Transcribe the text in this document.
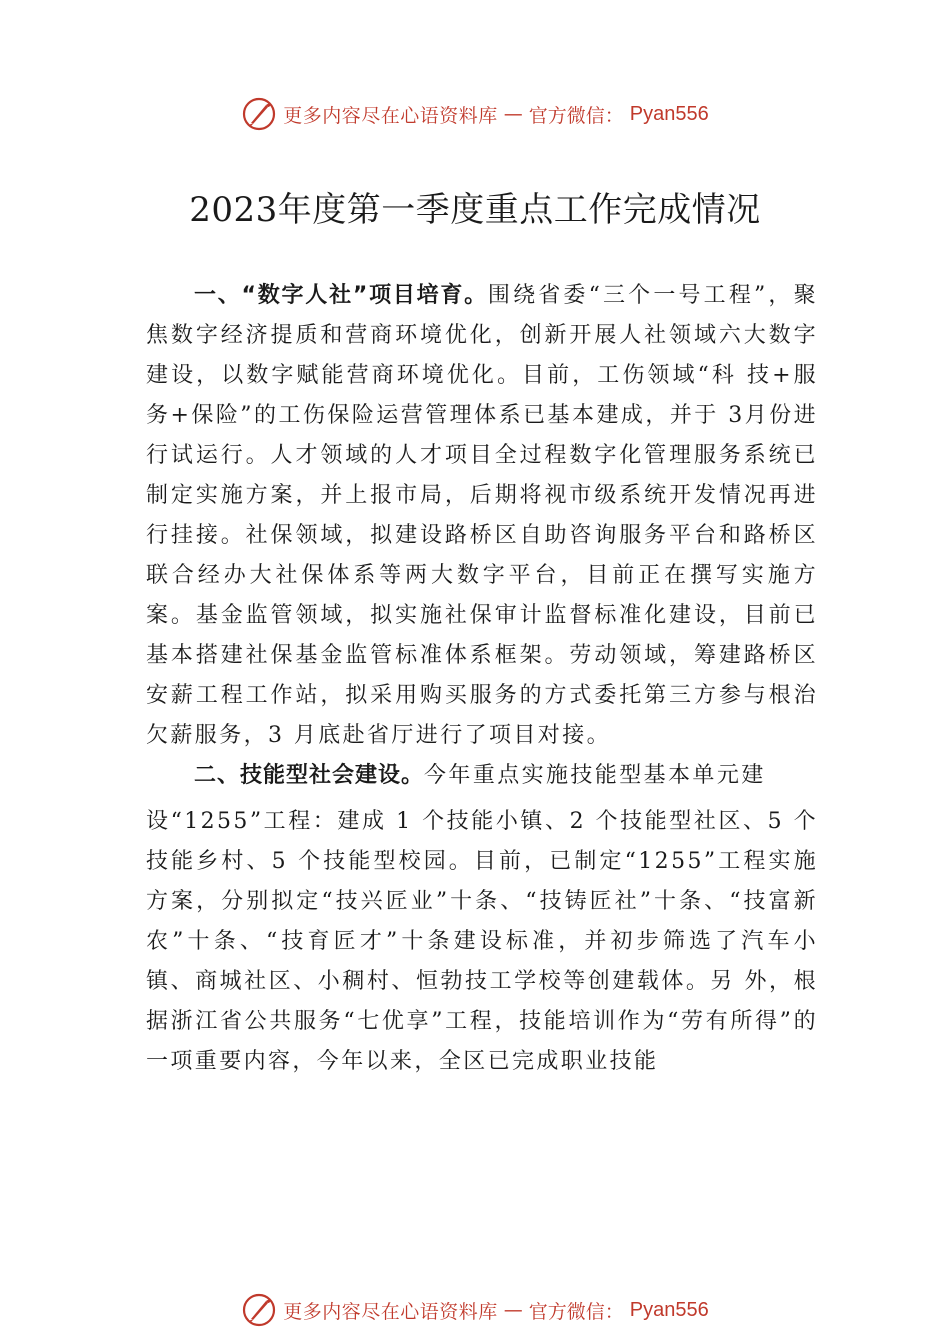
更多内容尽在心语资料库 — 官方微信： Pyan556
2023年度第一季度重点工作完成情况

一、“数字人社”项目培育。围绕省委“三个一号工程”，聚焦数字经济提质和营商环境优化，创新开展人社领域六大数字建设，以数字赋能营商环境优化。目前，工伤领域“科 技+服务+保险”的工伤保险运营管理体系已基本建成，并于 3月份进行试运行。人才领域的人才项目全过程数字化管理服务系统已制定实施方案，并上报市局，后期将视市级系统开发情况再进行挂接。社保领域，拟建设路桥区自助咨询服务平台和路桥区联合经办大社保体系等两大数字平台，目前正在撰写实施方案。基金监管领域，拟实施社保审计监督标准化建设，目前已基本搭建社保基金监管标准体系框架。劳动领域，筹建路桥区安薪工程工作站，拟采用购买服务的方式委托第三方参与根治欠薪服务，3 月底赴省厅进行了项目对接。

二、技能型社会建设。今年重点实施技能型基本单元建
设“1255”工程：建成 1 个技能小镇、2 个技能型社区、5 个技能乡村、5 个技能型校园。目前，已制定“1255”工程实施方案，分别拟定“技兴匠业”十条、“技铸匠社”十条、“技富新农”十条、“技育匠才”十条建设标准，并初步筛选了汽车小镇、商城社区、小稠村、恒勃技工学校等创建载体。另 外，根据浙江省公共服务“七优享”工程，技能培训作为“劳有所得”的一项重要内容，今年以来，全区已完成职业技能

更多内容尽在心语资料库 — 官方微信： Pyan556
